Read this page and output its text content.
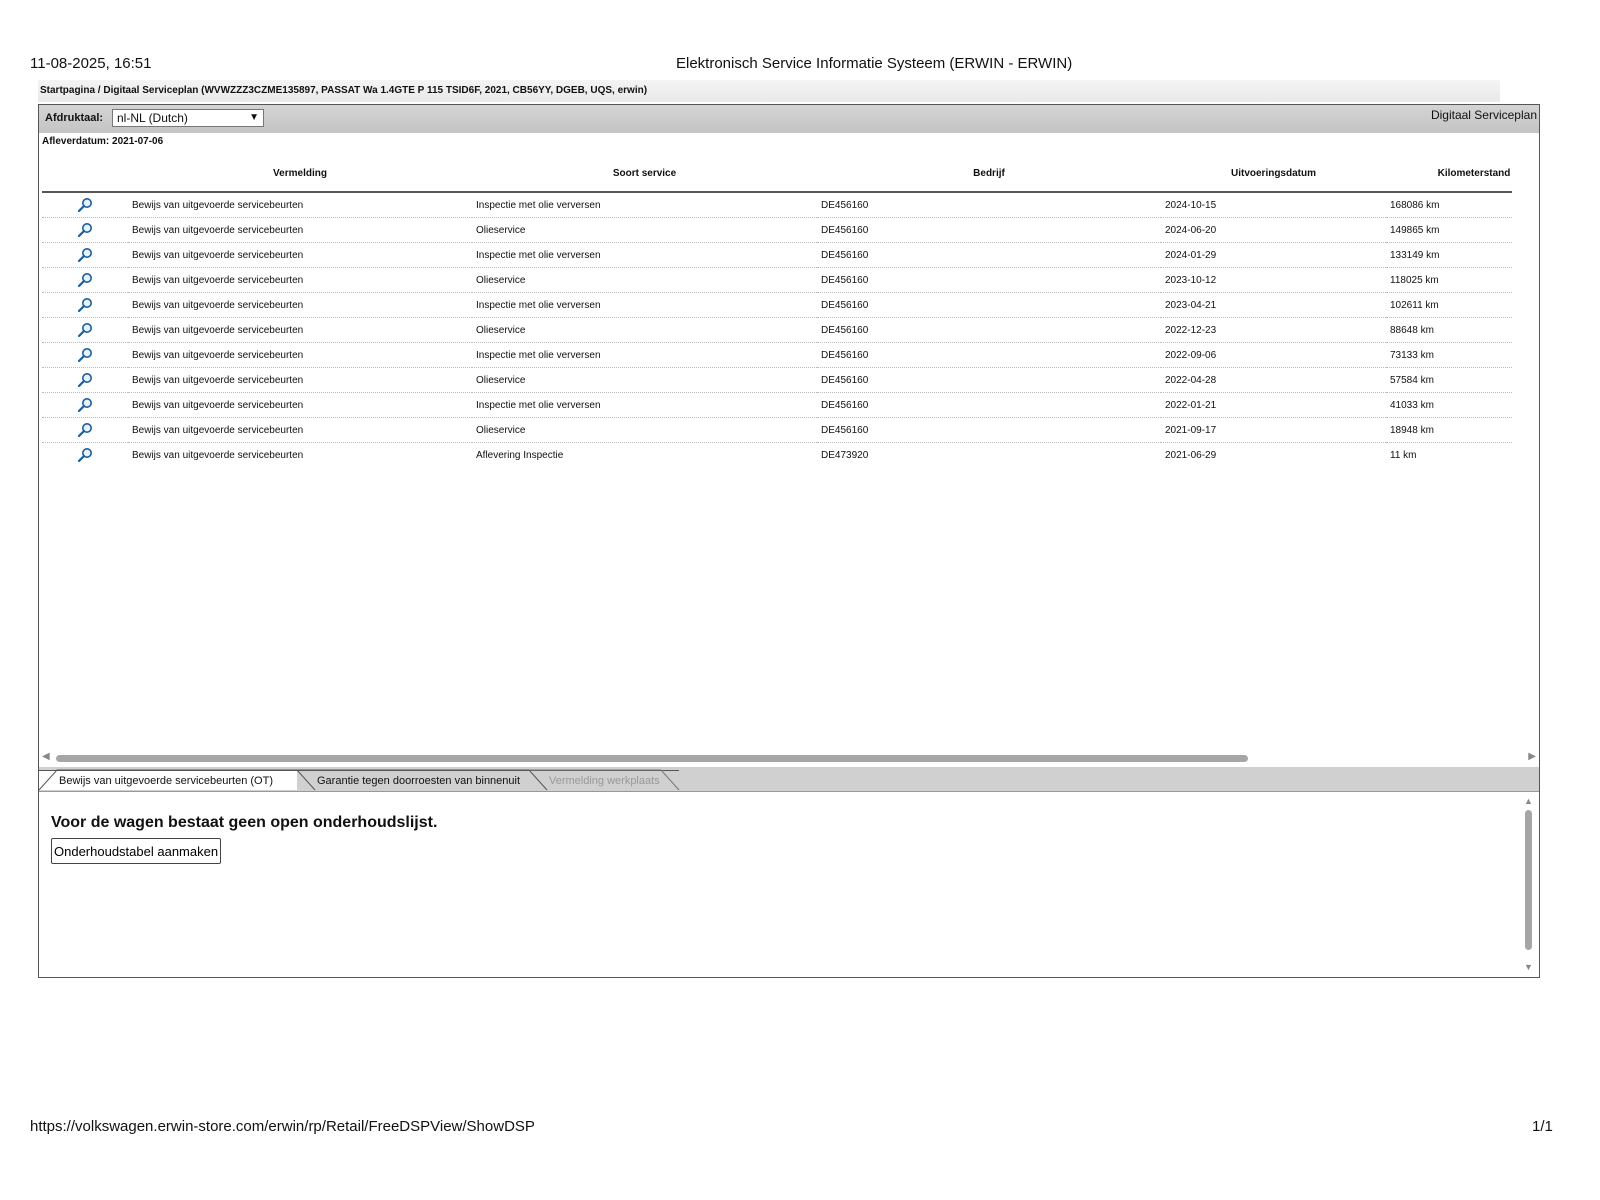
11-08-2025, 16:51	Elektronisch Service Informatie Systeem (ERWIN - ERWIN)
Startpagina / Digitaal Serviceplan (WVWZZZ3CZME135897, PASSAT Wa 1.4GTE P 115 TSID6F, 2021, CB56YY, DGEB, UQS, erwin)
Afdruktaal:	nl-NL (Dutch)	▼	Digitaal Serviceplan
Afleverdatum: 2021-07-06
	Vermelding	Soort service	Bedrijf	Uitvoeringsdatum	Kilometerstand
	Bewijs van uitgevoerde servicebeurten	Inspectie met olie verversen	DE456160	2024-10-15	168086 km
	Bewijs van uitgevoerde servicebeurten	Olieservice	DE456160	2024-06-20	149865 km
	Bewijs van uitgevoerde servicebeurten	Inspectie met olie verversen	DE456160	2024-01-29	133149 km
	Bewijs van uitgevoerde servicebeurten	Olieservice	DE456160	2023-10-12	118025 km
	Bewijs van uitgevoerde servicebeurten	Inspectie met olie verversen	DE456160	2023-04-21	102611 km
	Bewijs van uitgevoerde servicebeurten	Olieservice	DE456160	2022-12-23	88648 km
	Bewijs van uitgevoerde servicebeurten	Inspectie met olie verversen	DE456160	2022-09-06	73133 km
	Bewijs van uitgevoerde servicebeurten	Olieservice	DE456160	2022-04-28	57584 km
	Bewijs van uitgevoerde servicebeurten	Inspectie met olie verversen	DE456160	2022-01-21	41033 km
	Bewijs van uitgevoerde servicebeurten	Olieservice	DE456160	2021-09-17	18948 km
	Bewijs van uitgevoerde servicebeurten	Aflevering Inspectie	DE473920	2021-06-29	11 km
◀	▶
Bewijs van uitgevoerde servicebeurten (OT)	Garantie tegen doorroesten van binnenuit	Vermelding werkplaats
Voor de wagen bestaat geen open onderhoudslijst.
Onderhoudstabel aanmaken
▲
▼
https://volkswagen.erwin-store.com/erwin/rp/Retail/FreeDSPView/ShowDSP	1/1
